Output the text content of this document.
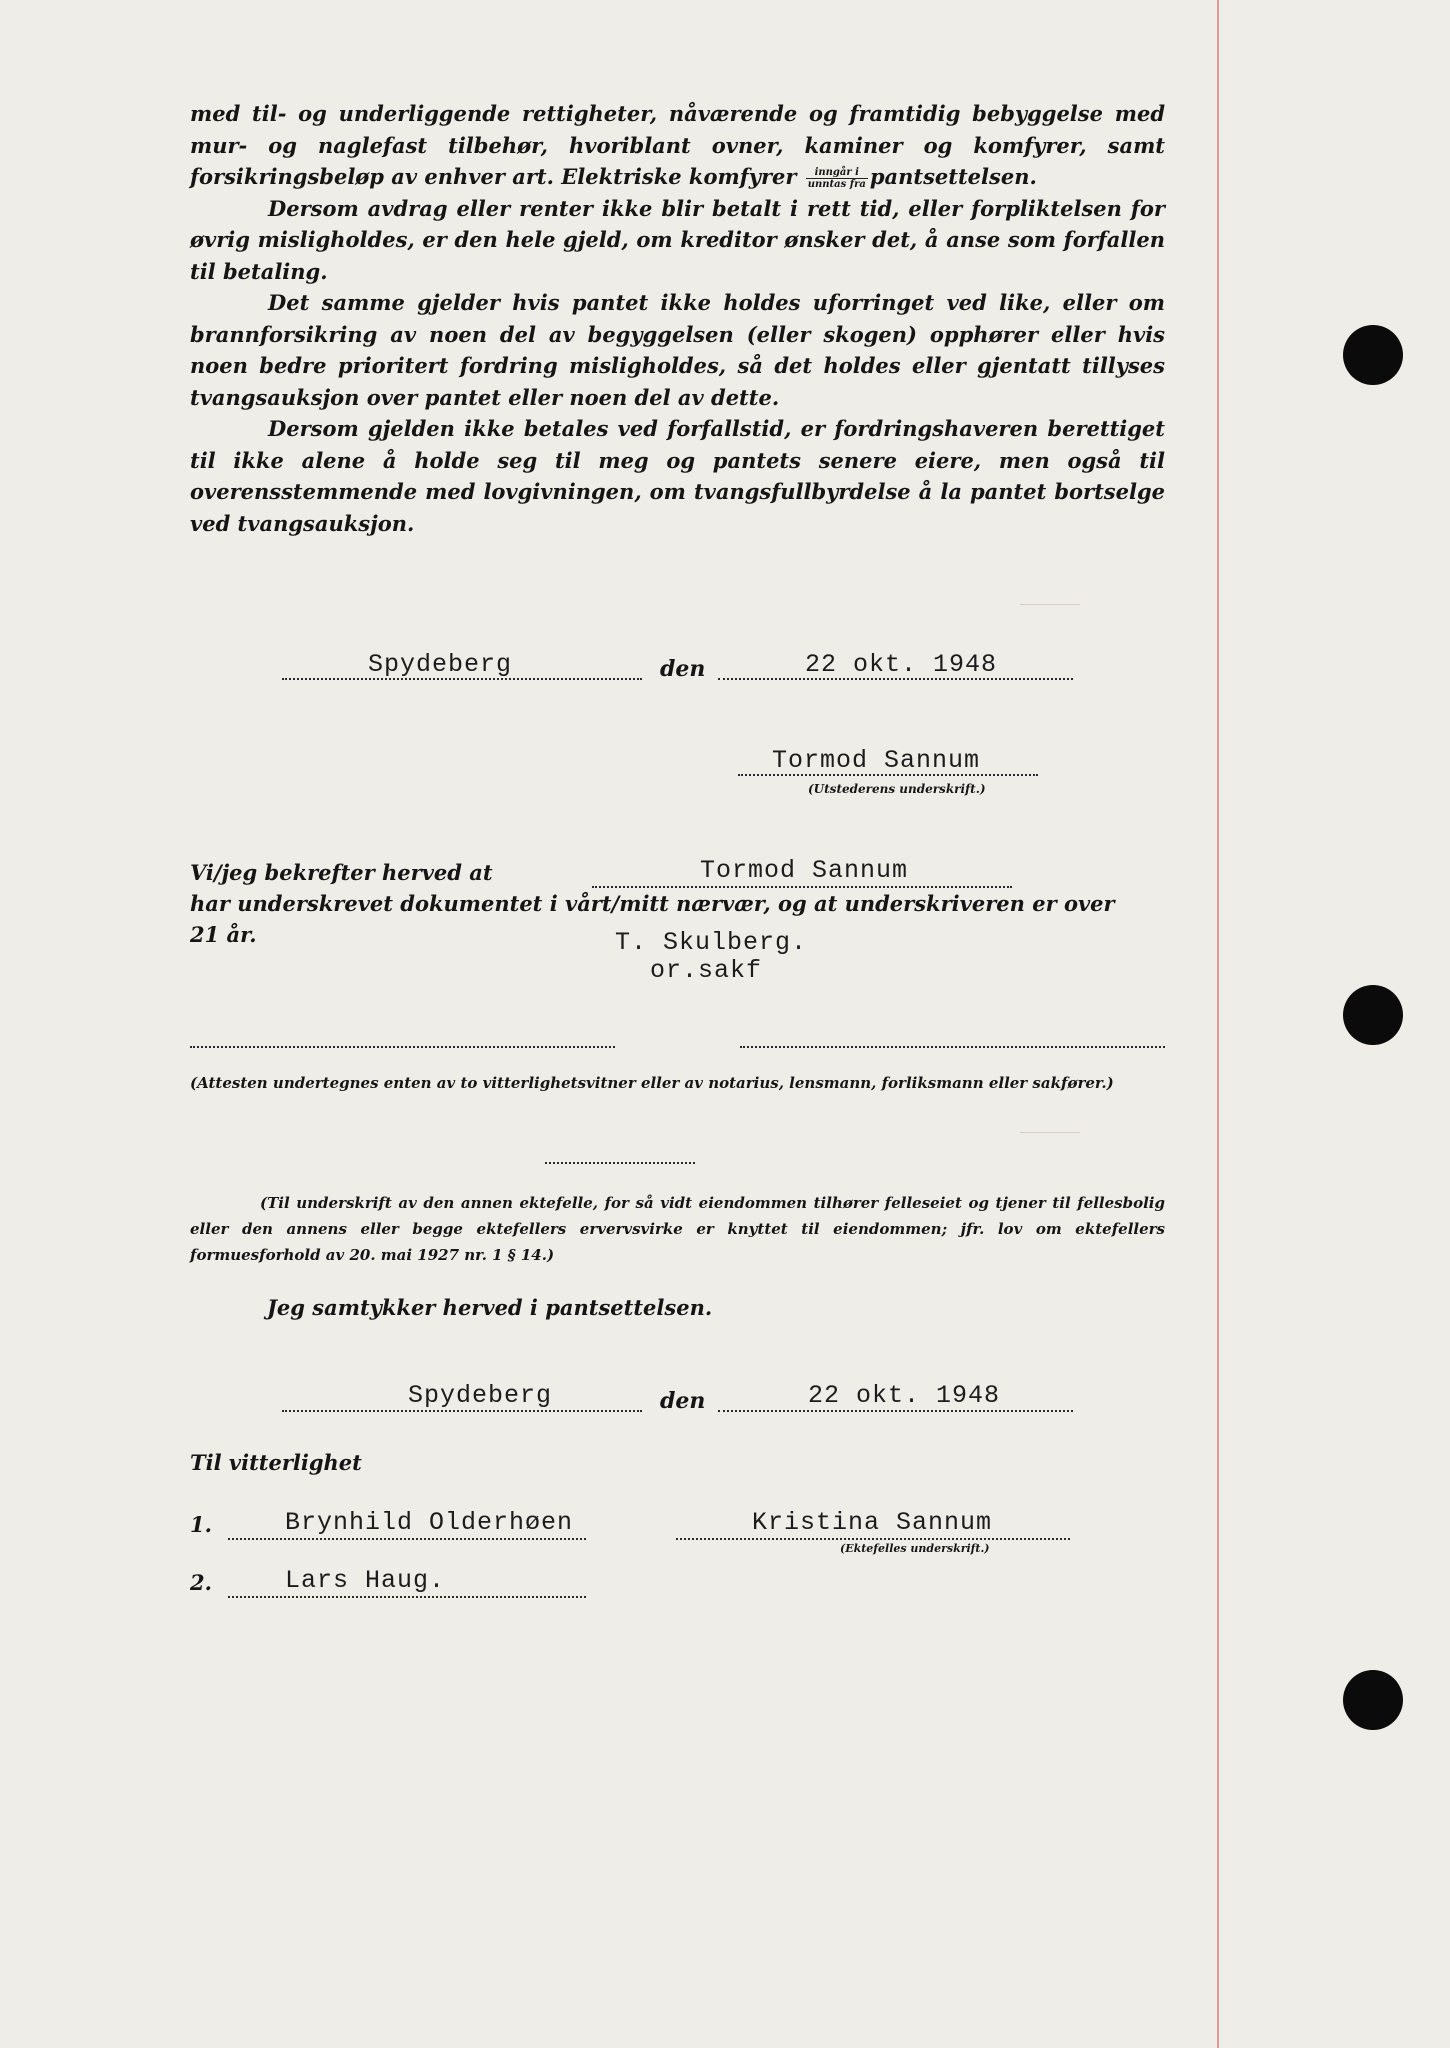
———
———

med til- og underliggende rettigheter, nåværende og framtidig bebyggelse med mur- og naglefast tilbehør, hvoriblant ovner, kaminer og komfyrer, samt forsikringsbeløp av enhver art. Elektriske komfyrer $\frac{\text{inngår i}}{\text{unntas fra}}$ pantsettelsen.

Dersom avdrag eller renter ikke blir betalt i rett tid, eller forpliktelsen for øvrig misligholdes, er den hele gjeld, om kreditor ønsker det, å anse som forfallen til betaling.

Det samme gjelder hvis pantet ikke holdes uforringet ved like, eller om brannforsikring av noen del av begyggelsen (eller skogen) opphører eller hvis noen bedre prioritert fordring misligholdes, så det holdes eller gjentatt tillyses tvangsauksjon over pantet eller noen del av dette.

Dersom gjelden ikke betales ved forfallstid, er fordringshaveren berettiget til ikke alene å holde seg til meg og pantets senere eiere, men også til overensstemmende med lovgivningen, om tvangsfullbyrdelse å la pantet bortselge ved tvangsauksjon.

Spydeberg	den	22 okt. 1948
Tormod Sannum
(Utstederens underskrift.)
Vi/jeg bekrefter herved at	Tormod Sannum
har underskrevet dokumentet i vårt/mitt nærvær, og at underskriveren er over
21 år.	T. Skulberg.
or.sakf
(Attesten undertegnes enten av to vitterlighetsvitner eller av notarius, lensmann, forliksmann eller sakfører.)
(Til underskrift av den annen ektefelle, for så vidt eiendommen tilhører felleseiet og tjener til fellesbolig eller den annens eller begge ektefellers ervervsvirke er knyttet til eiendommen; jfr. lov om ektefellers formuesforhold av 20. mai 1927 nr. 1 § 14.)
Jeg samtykker herved i pantsettelsen.
Spydeberg	den	22 okt. 1948
Til vitterlighet
1.	Brynhild Olderhøen	Kristina Sannum
(Ektefelles underskrift.)
2.	Lars Haug.
